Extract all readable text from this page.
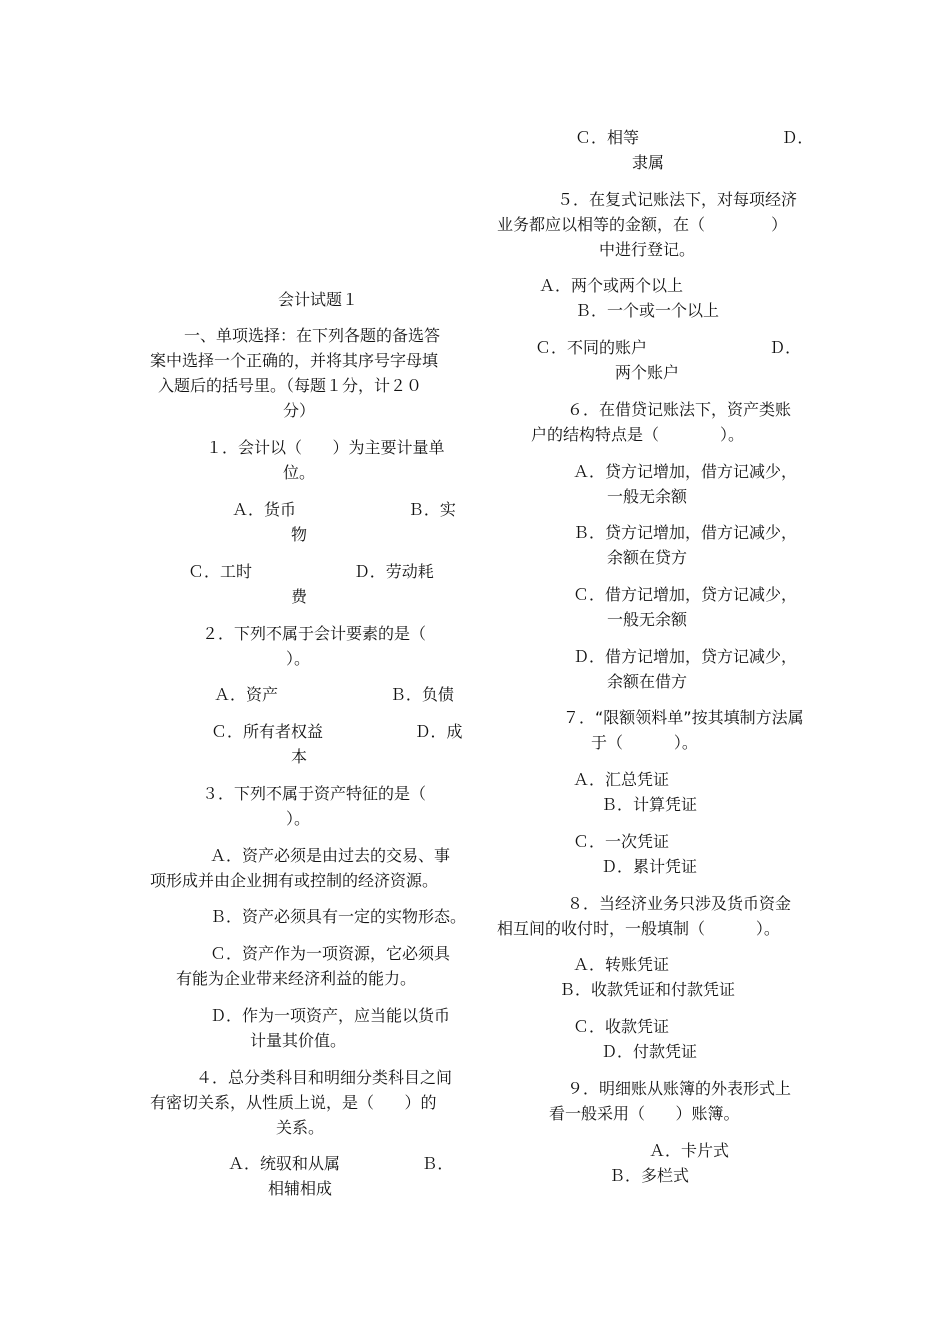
会计试题１
一、单项选择：在下列各题的备选答
案中选择一个正确的，并将其序号字母填
入题后的括号里。（每题１分，计２０
分）
１．会计以（      ）为主要计量单
位。
Ａ．货币                      Ｂ．实
物
Ｃ．工时                    Ｄ．劳动耗
费
２．下列不属于会计要素的是（
）。
Ａ．资产                      Ｂ．负债
Ｃ．所有者权益                  Ｄ．成
本
３．下列不属于资产特征的是（
）。
Ａ．资产必须是由过去的交易、事
项形成并由企业拥有或控制的经济资源。
Ｂ．资产必须具有一定的实物形态。
Ｃ．资产作为一项资源，它必须具
有能为企业带来经济利益的能力。
Ｄ．作为一项资产，应当能以货币
计量其价值。
４．总分类科目和明细分类科目之间
有密切关系，从性质上说，是（      ）的
关系。
Ａ．统驭和从属                Ｂ．
相辅相成
Ｃ．相等                            Ｄ．
隶属
５．在复式记账法下，对每项经济
业务都应以相等的金额，在（             ）
中进行登记。
Ａ．两个或两个以上
Ｂ．一个或一个以上
Ｃ．不同的账户                        Ｄ．
两个账户
６．在借贷记账法下，资产类账
户的结构特点是（            ）。
Ａ．贷方记增加，借方记减少，
一般无余额
Ｂ．贷方记增加，借方记减少，
余额在贷方
Ｃ．借方记增加，贷方记减少，
一般无余额
Ｄ．借方记增加，贷方记减少，
余额在借方
７．“限额领料单”按其填制方法属
于（          ）。
Ａ．汇总凭证
Ｂ．计算凭证
Ｃ．一次凭证
Ｄ．累计凭证
８．当经济业务只涉及货币资金
相互间的收付时，一般填制（          ）。
Ａ．转账凭证
Ｂ．收款凭证和付款凭证
Ｃ．收款凭证
Ｄ．付款凭证
９．明细账从账簿的外表形式上
看一般采用（      ）账簿。
Ａ．卡片式
Ｂ．多栏式
